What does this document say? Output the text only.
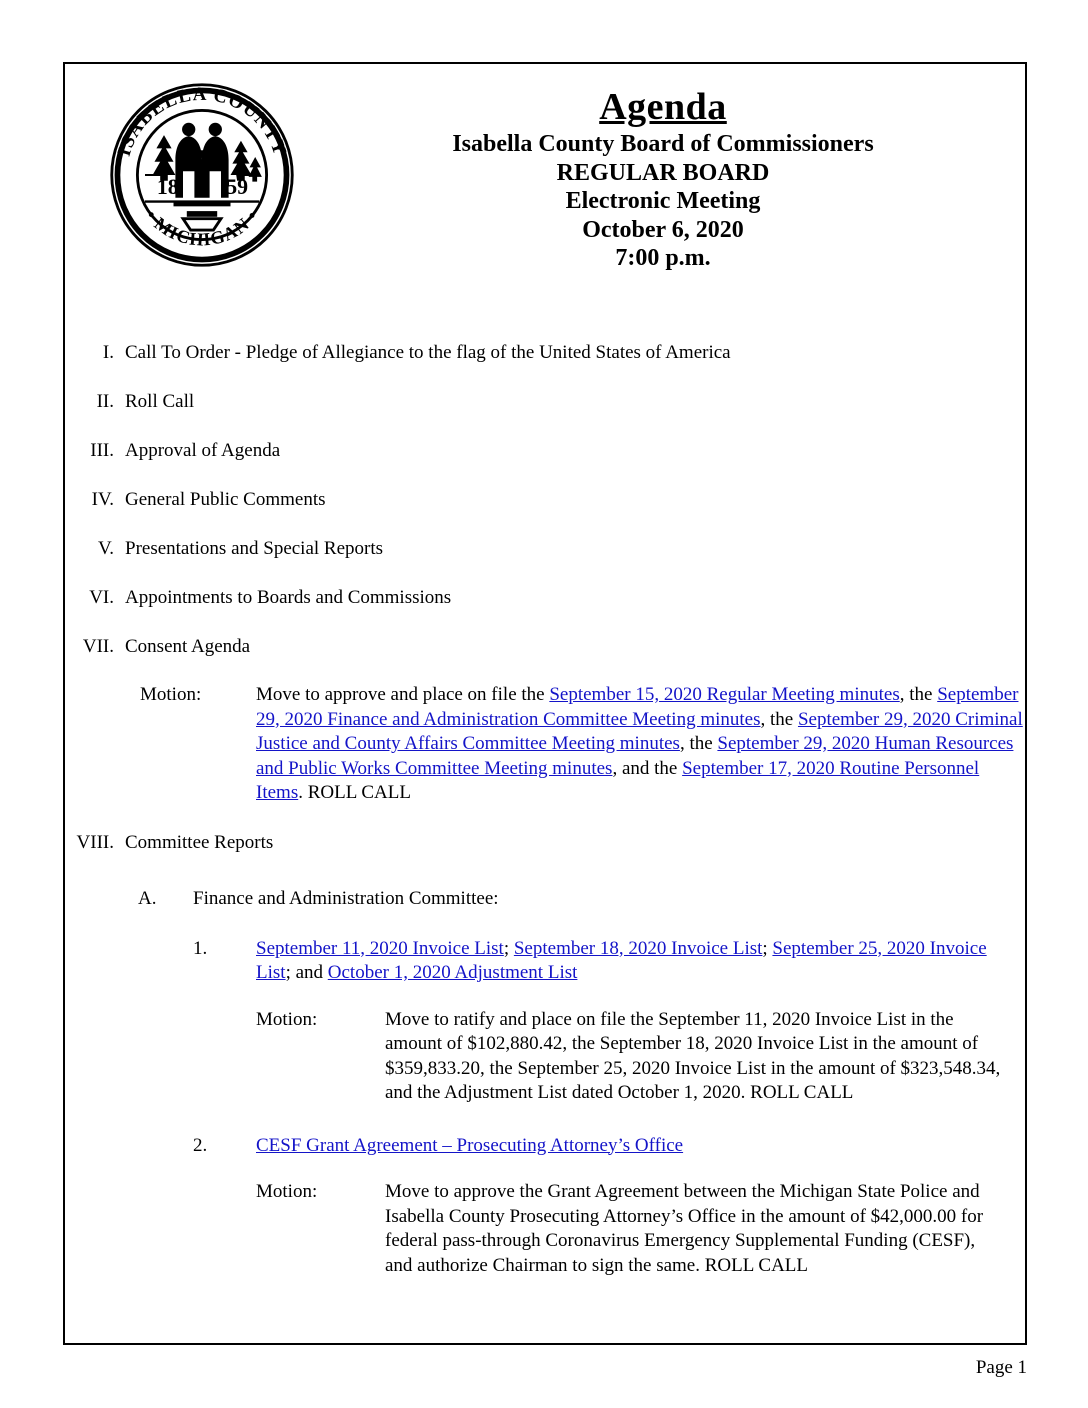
ISABELLA COUNTY
• MICHIGAN •
18 59
Agenda
Isabella County Board of Commissioners
REGULAR BOARD
Electronic Meeting
October 6, 2020
7:00 p.m.
I. Call To Order - Pledge of Allegiance to the flag of the United States of America
II. Roll Call
III. Approval of Agenda
IV. General Public Comments
V. Presentations and Special Reports
VI. Appointments to Boards and Commissions
VII. Consent Agenda
Motion:	Move to approve and place on file the September 15, 2020 Regular Meeting minutes, the September 29, 2020 Finance and Administration Committee Meeting minutes, the September 29, 2020 Criminal Justice and County Affairs Committee Meeting minutes, the September 29, 2020 Human Resources and Public Works Committee Meeting minutes, and the September 17, 2020 Routine Personnel Items. ROLL CALL
VIII. Committee Reports
A. Finance and Administration Committee:
1.	September 11, 2020 Invoice List; September 18, 2020 Invoice List; September 25, 2020 Invoice List; and October 1, 2020 Adjustment List
Motion:	Move to ratify and place on file the September 11, 2020 Invoice List in the amount of $102,880.42, the September 18, 2020 Invoice List in the amount of $359,833.20, the September 25, 2020 Invoice List in the amount of $323,548.34, and the Adjustment List dated October 1, 2020. ROLL CALL
2.	CESF Grant Agreement – Prosecuting Attorney’s Office
Motion:	Move to approve the Grant Agreement between the Michigan State Police and Isabella County Prosecuting Attorney’s Office in the amount of $42,000.00 for federal pass-through Coronavirus Emergency Supplemental Funding (CESF), and authorize Chairman to sign the same. ROLL CALL
Page 1
